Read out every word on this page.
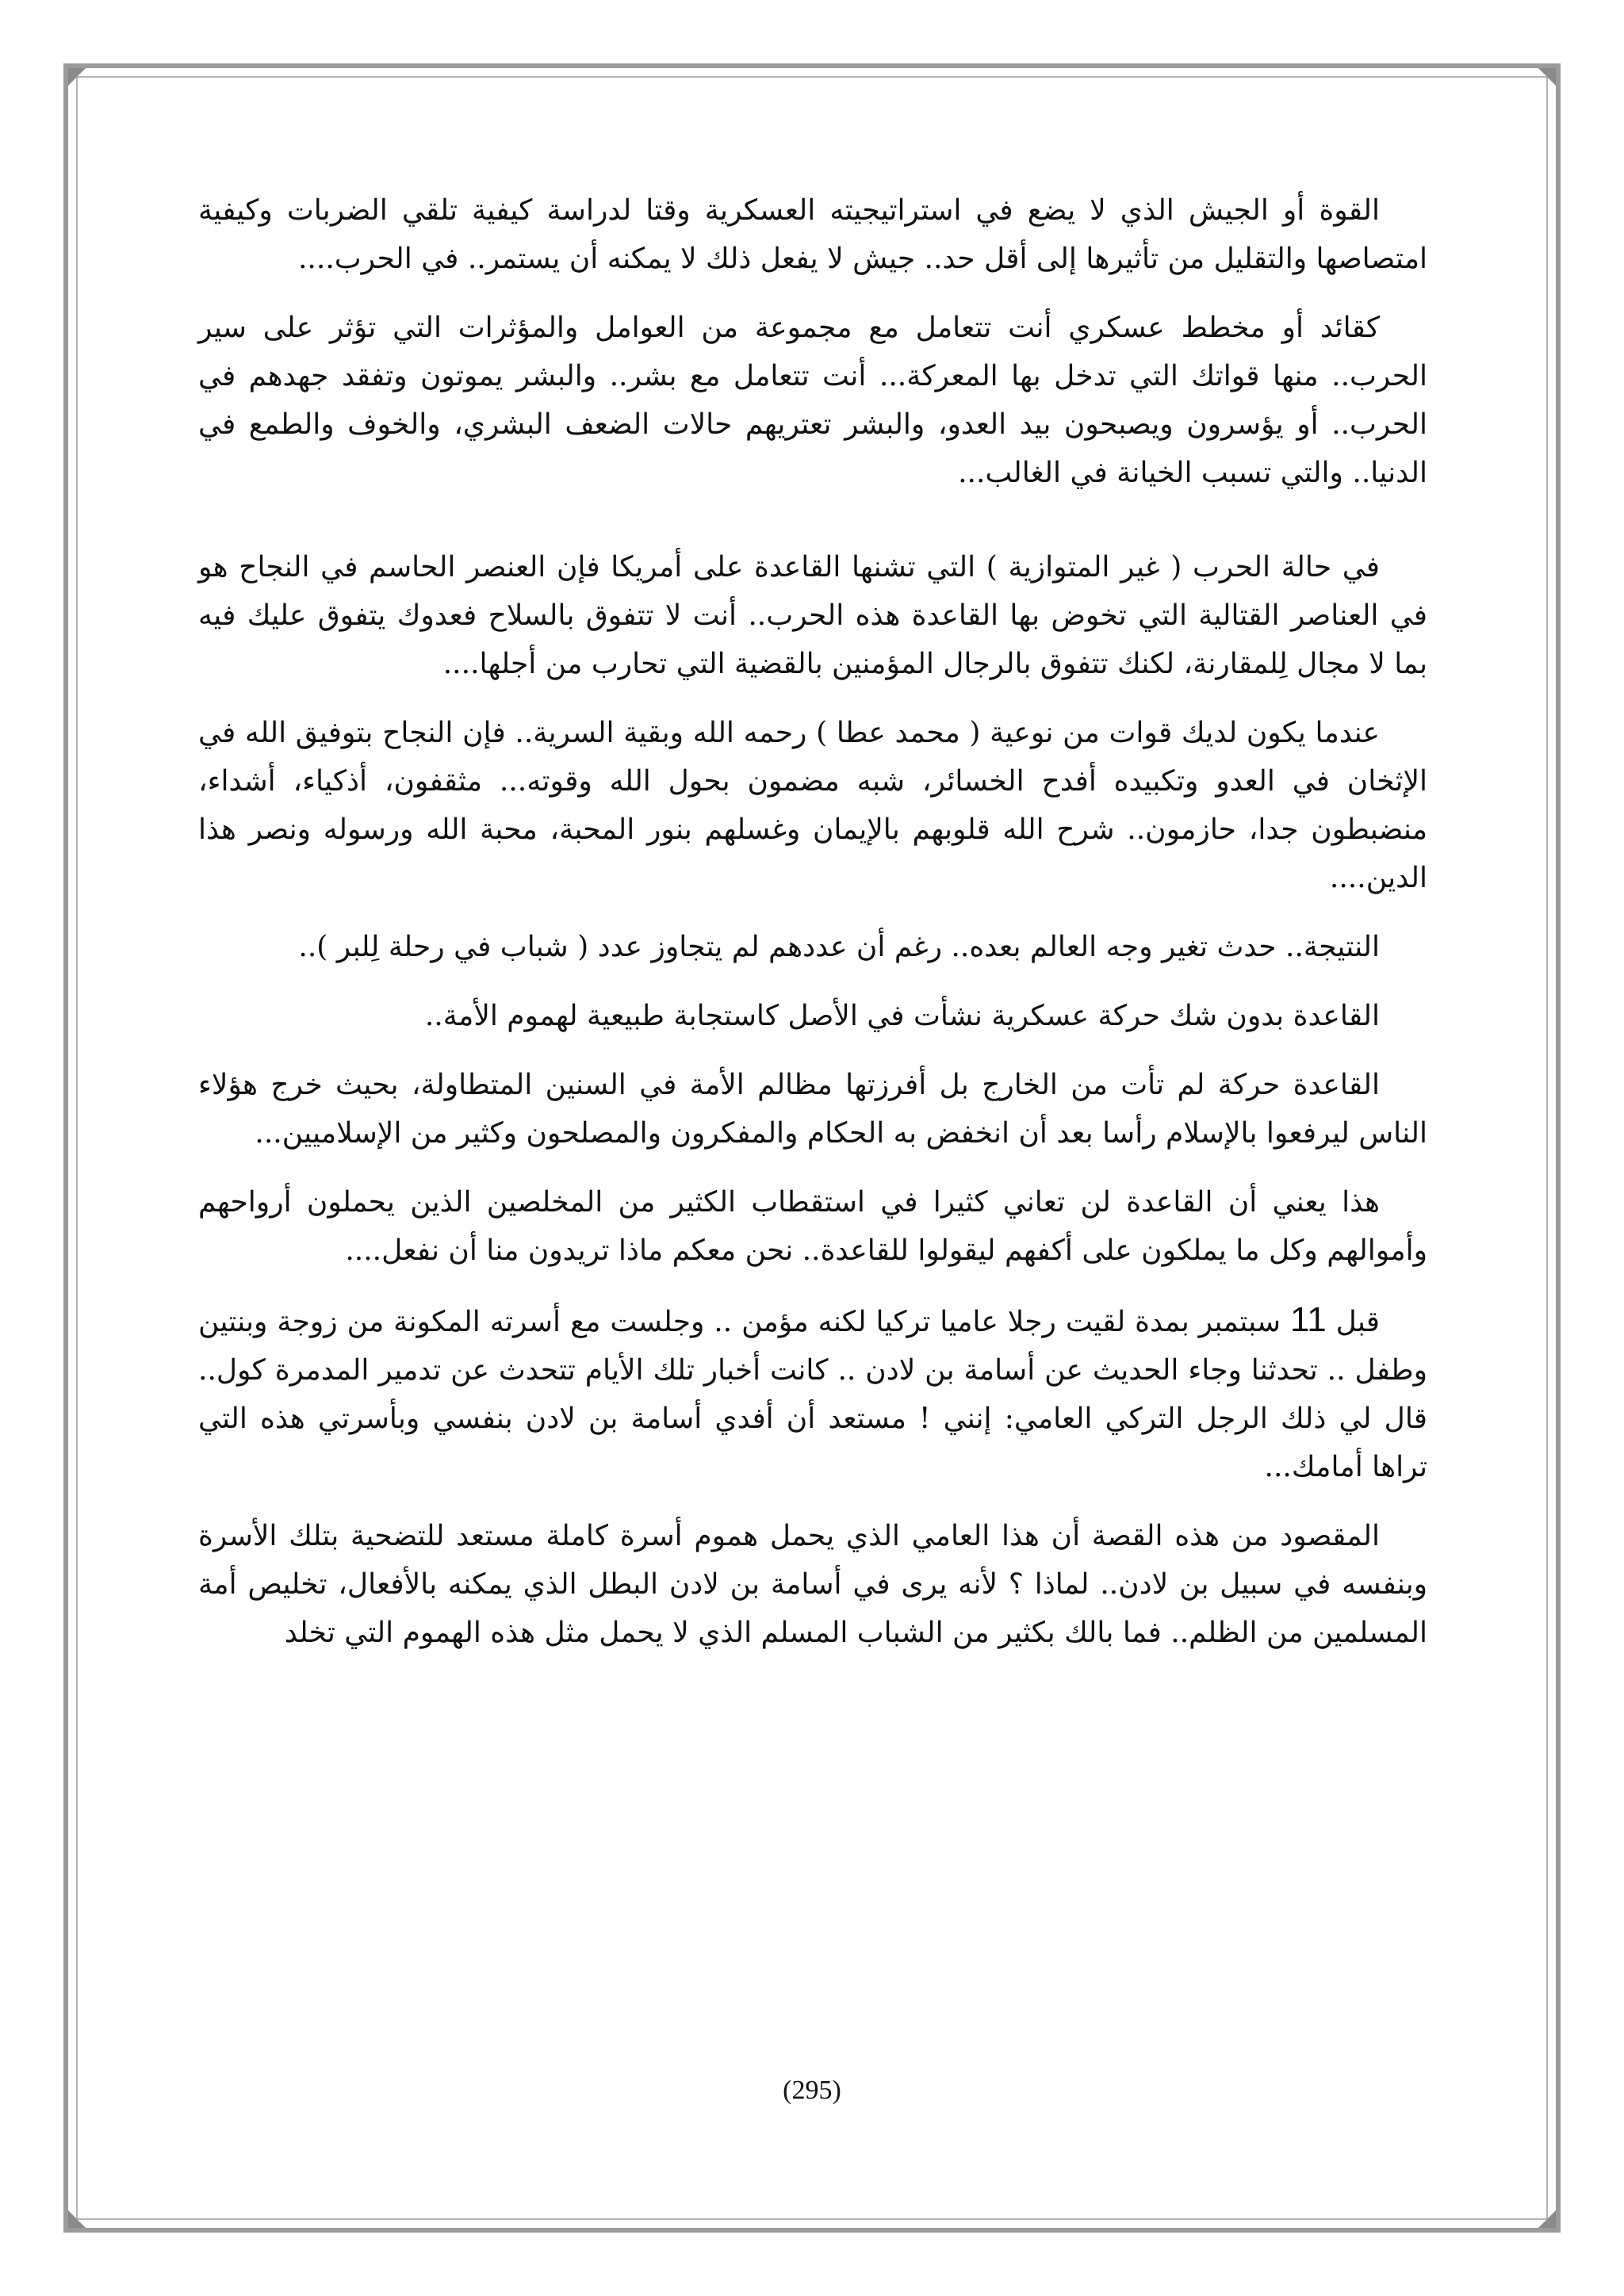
القوة أو الجيش الذي لا يضع في استراتيجيته العسكرية وقتا لدراسة كيفية تلقي الضربات وكيفية امتصاصها والتقليل من تأثيرها إلى أقل حد.. جيش لا يفعل ذلك لا يمكنه أن يستمر.. في الحرب....

كقائد أو مخطط عسكري أنت تتعامل مع مجموعة من العوامل والمؤثرات التي تؤثر على سير الحرب.. منها قواتك التي تدخل بها المعركة... أنت تتعامل مع بشر.. والبشر يموتون وتفقد جهدهم في الحرب.. أو يؤسرون ويصبحون بيد العدو، والبشر تعتريهم حالات الضعف البشري، والخوف والطمع في الدنيا.. والتي تسبب الخيانة في الغالب...

في حالة الحرب ( غير المتوازية ) التي تشنها القاعدة على أمريكا فإن العنصر الحاسم في النجاح هو في العناصر القتالية التي تخوض بها القاعدة هذه الحرب.. أنت لا تتفوق بالسلاح فعدوك يتفوق عليك فيه بما لا مجال لِلمقارنة، لكنك تتفوق بالرجال المؤمنين بالقضية التي تحارب من أجلها....

عندما يكون لديك قوات من نوعية ( محمد عطا ) رحمه الله وبقية السرية.. فإن النجاح بتوفيق الله في الإثخان في العدو وتكبيده أفدح الخسائر، شبه مضمون بحول الله وقوته... مثقفون، أذكياء، أشداء، منضبطون جدا، حازمون.. شرح الله قلوبهم بالإيمان وغسلهم بنور المحبة، محبة الله ورسوله ونصر هذا الدين....

النتيجة.. حدث تغير وجه العالم بعده.. رغم أن عددهم لم يتجاوز عدد ( شباب في رحلة لِلبر )..

القاعدة بدون شك حركة عسكرية نشأت في الأصل كاستجابة طبيعية لهموم الأمة..

القاعدة حركة لم تأت من الخارج بل أفرزتها مظالم الأمة في السنين المتطاولة، بحيث خرج هؤلاء الناس ليرفعوا بالإسلام رأسا بعد أن انخفض به الحكام والمفكرون والمصلحون وكثير من الإسلاميين...

هذا يعني أن القاعدة لن تعاني كثيرا في استقطاب الكثير من المخلصين الذين يحملون أرواحهم وأموالهم وكل ما يملكون على أكفهم ليقولوا للقاعدة.. نحن معكم ماذا تريدون منا أن نفعل....

قبل 11 سبتمبر بمدة لقيت رجلا عاميا تركيا لكنه مؤمن .. وجلست مع أسرته المكونة من زوجة وبنتين وطفل .. تحدثنا وجاء الحديث عن أسامة بن لادن .. كانت أخبار تلك الأيام تتحدث عن تدمير المدمرة كول.. قال لي ذلك الرجل التركي العامي: إنني ! مستعد أن أفدي أسامة بن لادن بنفسي وبأسرتي هذه التي تراها أمامك...

المقصود من هذه القصة أن هذا العامي الذي يحمل هموم أسرة كاملة مستعد للتضحية بتلك الأسرة وبنفسه في سبيل بن لادن.. لماذا ؟ لأنه يرى في أسامة بن لادن البطل الذي يمكنه بالأفعال، تخليص أمة المسلمين من الظلم.. فما بالك بكثير من الشباب المسلم الذي لا يحمل مثل هذه الهموم التي تخلد

(295)
